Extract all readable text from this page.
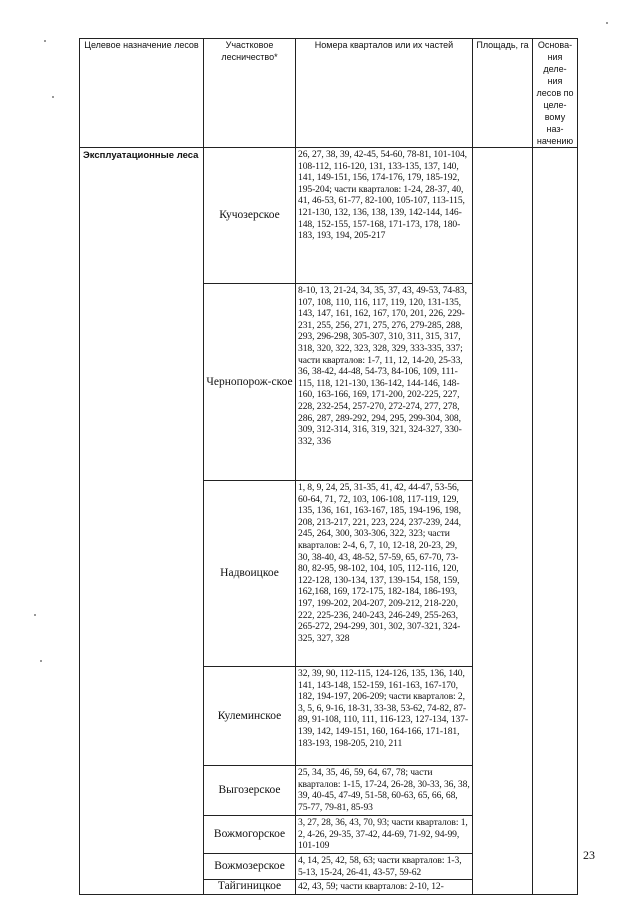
Целевое назначение лесов	Участковое лесничество*	Номера кварталов или их частей	Площадь, га	Основа-ния деле-ния лесов по целе-вому наз-начению

Эксплуатационные леса	Кучозерское	26, 27, 38, 39, 42-45, 54-60, 78-81, 101-104, 108-112, 116-120, 131, 133-135, 137, 140, 141, 149-151, 156, 174-176, 179, 185-192, 195-204; части кварталов: 1-24, 28-37, 40, 41, 46-53, 61-77, 82-100, 105-107, 113-115, 121-130, 132, 136, 138, 139, 142-144, 146-148, 152-155, 157-168, 171-173, 178, 180-183, 193, 194, 205-217		
	Чернопорож-ское	8-10, 13, 21-24, 34, 35, 37, 43, 49-53, 74-83, 107, 108, 110, 116, 117, 119, 120, 131-135, 143, 147, 161, 162, 167, 170, 201, 226, 229-231, 255, 256, 271, 275, 276, 279-285, 288, 293, 296-298, 305-307, 310, 311, 315, 317, 318, 320, 322, 323, 328, 329, 333-335, 337; части кварталов: 1-7, 11, 12, 14-20, 25-33, 36, 38-42, 44-48, 54-73, 84-106, 109, 111-115, 118, 121-130, 136-142, 144-146, 148-160, 163-166, 169, 171-200, 202-225, 227, 228, 232-254, 257-270, 272-274, 277, 278, 286, 287, 289-292, 294, 295, 299-304, 308, 309, 312-314, 316, 319, 321, 324-327, 330-332, 336		
	Надвоицкое	1, 8, 9, 24, 25, 31-35, 41, 42, 44-47, 53-56, 60-64, 71, 72, 103, 106-108, 117-119, 129, 135, 136, 161, 163-167, 185, 194-196, 198, 208, 213-217, 221, 223, 224, 237-239, 244, 245, 264, 300, 303-306, 322, 323; части кварталов: 2-4, 6, 7, 10, 12-18, 20-23, 29, 30, 38-40, 43, 48-52, 57-59, 65, 67-70, 73-80, 82-95, 98-102, 104, 105, 112-116, 120, 122-128, 130-134, 137, 139-154, 158, 159, 162,168, 169, 172-175, 182-184, 186-193, 197, 199-202, 204-207, 209-212, 218-220, 222, 225-236, 240-243, 246-249, 255-263, 265-272, 294-299, 301, 302, 307-321, 324-325, 327, 328		
	Кулеминское	32, 39, 90, 112-115, 124-126, 135, 136, 140, 141, 143-148, 152-159, 161-163, 167-170, 182, 194-197, 206-209; части кварталов: 2, 3, 5, 6, 9-16, 18-31, 33-38, 53-62, 74-82, 87-89, 91-108, 110, 111, 116-123, 127-134, 137-139, 142, 149-151, 160, 164-166, 171-181, 183-193, 198-205, 210, 211		
	Выгозерское	25, 34, 35, 46, 59, 64, 67, 78; части кварталов: 1-15, 17-24, 26-28, 30-33, 36, 38, 39, 40-45, 47-49, 51-58, 60-63, 65, 66, 68, 75-77, 79-81, 85-93		
	Вожмогорское	3, 27, 28, 36, 43, 70, 93; части кварталов: 1, 2, 4-26, 29-35, 37-42, 44-69, 71-92, 94-99, 101-109		
	Вожмозерское	4, 14, 25, 42, 58, 63; части кварталов: 1-3, 5-13, 15-24, 26-41, 43-57, 59-62		
	Тайгиницкое	42, 43, 59; части кварталов: 2-10, 12-		
23
